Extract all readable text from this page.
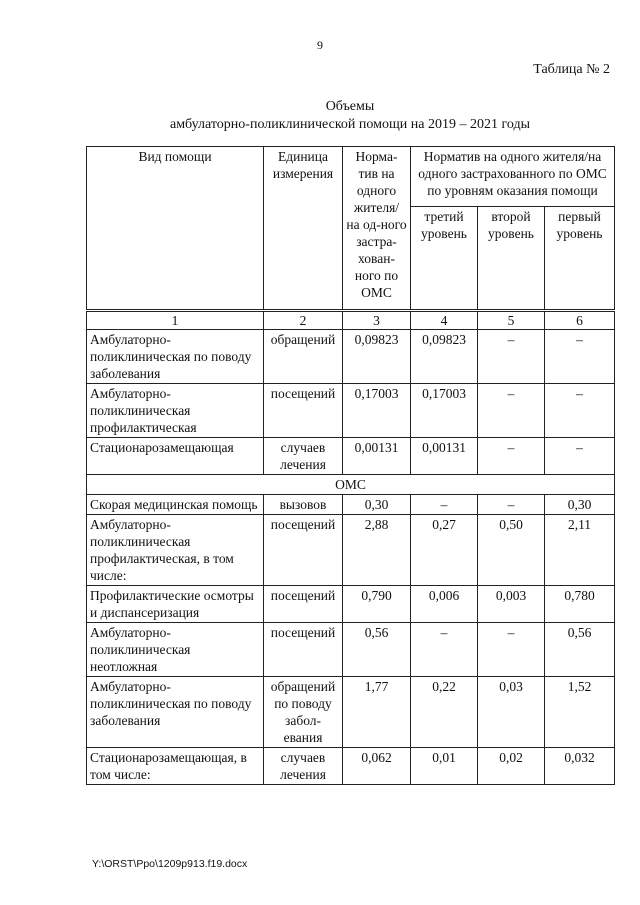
9
Таблица № 2
Объемы
амбулаторно-поликлинической помощи на 2019 – 2021 годы
Вид помощи	Единица измерения	Норма-тив на одного жителя/ на од-ного застра-хован-ного по ОМС	Норматив на одного жителя/на одного застрахованного по ОМС по уровням оказания помощи		
			третий уровень	второй уровень	первый уровень
1	2	3	4	5	6
Амбулаторно-поликлиническая по поводу заболевания	обращений	0,09823	0,09823	–	–
Амбулаторно-поликлиническая профилактическая	посещений	0,17003	0,17003	–	–
Стационарозамещающая	случаев лечения	0,00131	0,00131	–	–
ОМС					
Скорая медицинская помощь	вызовов	0,30	–	–	0,30
Амбулаторно-поликлиническая профилактическая, в том числе:	посещений	2,88	0,27	0,50	2,11
Профилактические осмотры и диспансеризация	посещений	0,790	0,006	0,003	0,780
Амбулаторно-поликлиническая неотложная	посещений	0,56	–	–	0,56
Амбулаторно-поликлиническая по поводу заболевания	обращений по поводу забол-евания	1,77	0,22	0,03	1,52
Стационарозамещающая, в том числе:	случаев лечения	0,062	0,01	0,02	0,032
Y:\ORST\Ppo\1209p913.f19.docx
